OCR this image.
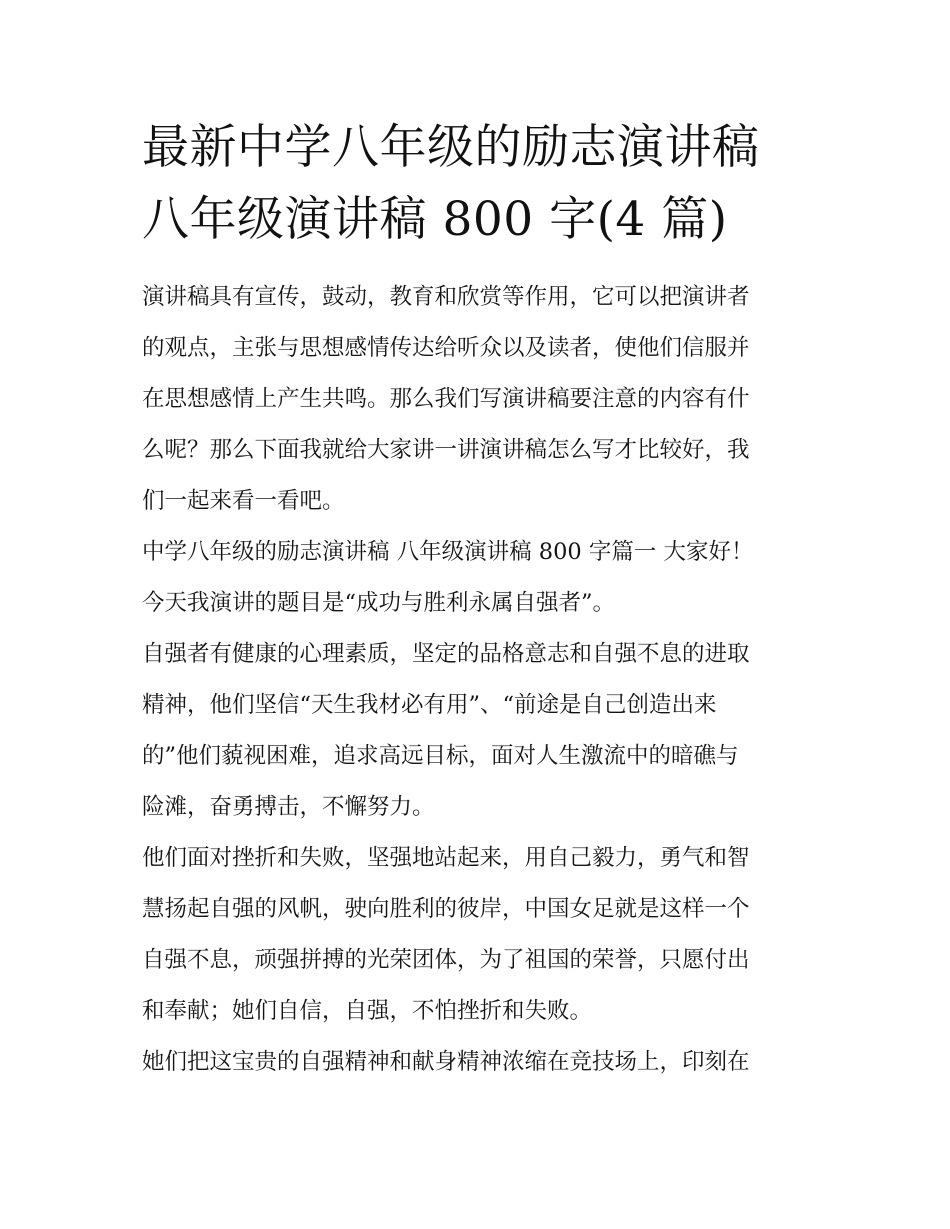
最新中学八年级的励志演讲稿
八年级演讲稿 800 字(4 篇)

演讲稿具有宣传，鼓动，教育和欣赏等作用，它可以把演讲者
的观点，主张与思想感情传达给听众以及读者，使他们信服并
在思想感情上产生共鸣。那么我们写演讲稿要注意的内容有什
么呢？那么下面我就给大家讲一讲演讲稿怎么写才比较好，我
们一起来看一看吧。

中学八年级的励志演讲稿 八年级演讲稿 800 字篇一 大家好！

今天我演讲的题目是“成功与胜利永属自强者”。

自强者有健康的心理素质，坚定的品格意志和自强不息的进取
精神，他们坚信“天生我材必有用”、“前途是自己创造出来
的”他们藐视困难，追求高远目标，面对人生激流中的暗礁与
险滩，奋勇搏击，不懈努力。

他们面对挫折和失败，坚强地站起来，用自己毅力，勇气和智
慧扬起自强的风帆，驶向胜利的彼岸，中国女足就是这样一个
自强不息，顽强拼搏的光荣团体，为了祖国的荣誉，只愿付出
和奉献；她们自信，自强，不怕挫折和失败。

她们把这宝贵的自强精神和献身精神浓缩在竞技场上，印刻在
